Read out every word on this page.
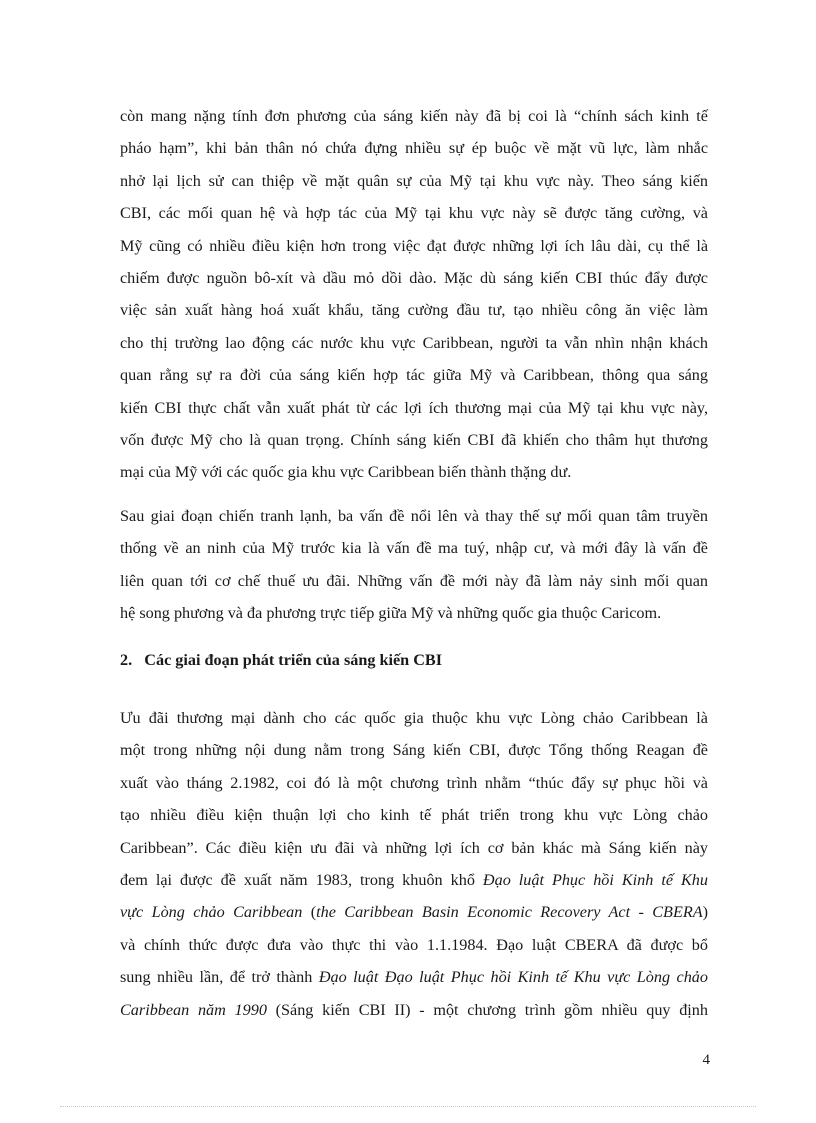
còn mang nặng tính đơn phương của sáng kiến này đã bị coi là “chính sách kinh tế
pháo hạm”, khi bản thân nó chứa đựng nhiều sự ép buộc về mặt vũ lực, làm nhắc
nhở lại lịch sử can thiệp về mặt quân sự của Mỹ tại khu vực này. Theo sáng kiến
CBI, các mối quan hệ và hợp tác của Mỹ tại khu vực này sẽ được tăng cường, và
Mỹ cũng có nhiều điều kiện hơn trong việc đạt được những lợi ích lâu dài, cụ thể là
chiếm được nguồn bô-xít và dầu mỏ dồi dào. Mặc dù sáng kiến CBI thúc đẩy được
việc sản xuất hàng hoá xuất khẩu, tăng cường đầu tư, tạo nhiều công ăn việc làm
cho thị trường lao động các nước khu vực Caribbean, người ta vẫn nhìn nhận khách
quan rằng sự ra đời của sáng kiến hợp tác giữa Mỹ và Caribbean, thông qua sáng
kiến CBI thực chất vẫn xuất phát từ các lợi ích thương mại của Mỹ tại khu vực này,
vốn được Mỹ cho là quan trọng. Chính sáng kiến CBI đã khiến cho thâm hụt thương
mại của Mỹ với các quốc gia khu vực Caribbean biến thành thặng dư.
Sau giai đoạn chiến tranh lạnh, ba vấn đề nổi lên và thay thế sự mối quan tâm truyền
thống về an ninh của Mỹ trước kia là vấn đề ma tuý, nhập cư, và mới đây là vấn đề
liên quan tới cơ chế thuế ưu đãi. Những vấn đề mới này đã làm nảy sinh mối quan
hệ song phương và đa phương trực tiếp giữa Mỹ và những quốc gia thuộc Caricom.
2. Các giai đoạn phát triển của sáng kiến CBI
Ưu đãi thương mại dành cho các quốc gia thuộc khu vực Lòng chảo Caribbean là
một trong những nội dung nằm trong Sáng kiến CBI, được Tổng thống Reagan đề
xuất vào tháng 2.1982, coi đó là một chương trình nhằm “thúc đẩy sự phục hồi và
tạo nhiều điều kiện thuận lợi cho kinh tế phát triển trong khu vực Lòng chảo
Caribbean”. Các điều kiện ưu đãi và những lợi ích cơ bản khác mà Sáng kiến này
đem lại được đề xuất năm 1983, trong khuôn khổ Đạo luật Phục hồi Kinh tế Khu
vực Lòng chảo Caribbean (the Caribbean Basin Economic Recovery Act - CBERA)
và chính thức được đưa vào thực thi vào 1.1.1984. Đạo luật CBERA đã được bổ
sung nhiều lần, để trở thành Đạo luật Đạo luật Phục hồi Kinh tế Khu vực Lòng chảo
Caribbean năm 1990 (Sáng kiến CBI II) - một chương trình gồm nhiều quy định
4
